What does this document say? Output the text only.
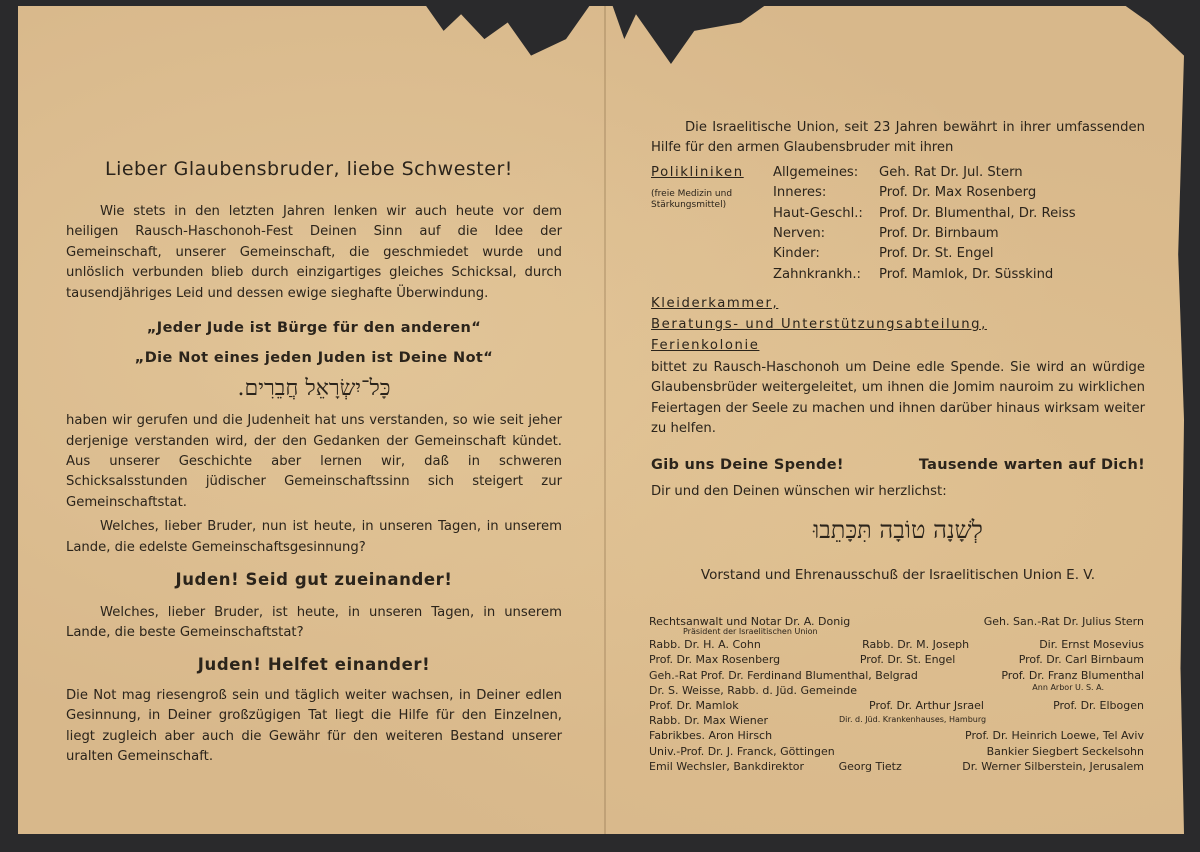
Lieber Glaubensbruder, liebe Schwester!

Wie stets in den letzten Jahren lenken wir auch heute vor dem heiligen Rausch-Haschonoh-Fest Deinen Sinn auf die Idee der Gemeinschaft, unserer Gemeinschaft, die geschmiedet wurde und unlöslich verbunden blieb durch einzigartiges gleiches Schicksal, durch tausendjähriges Leid und dessen ewige sieghafte Überwindung.

„Jeder Jude ist Bürge für den anderen“
„Die Not eines jeden Juden ist Deine Not“
כָּל־יִשְׂרָאֵל חֲבֵרִים.

haben wir gerufen und die Judenheit hat uns verstanden, so wie seit jeher derjenige verstanden wird, der den Gedanken der Gemeinschaft kündet. Aus unserer Geschichte aber lernen wir, daß in schweren Schicksalsstunden jüdischer Gemeinschaftssinn sich steigert zur Gemeinschaftstat.

Welches, lieber Bruder, nun ist heute, in unseren Tagen, in unserem Lande, die edelste Gemeinschaftsgesinnung?

Juden! Seid gut zueinander!

Welches, lieber Bruder, ist heute, in unseren Tagen, in unserem Lande, die beste Gemeinschaftstat?

Juden! Helfet einander!

Die Not mag riesengroß sein und täglich weiter wachsen, in Deiner edlen Gesinnung, in Deiner großzügigen Tat liegt die Hilfe für den Einzelnen, liegt zugleich aber auch die Gewähr für den weiteren Bestand unserer uralten Gemeinschaft.

Die Israelitische Union, seit 23 Jahren bewährt in ihrer umfassenden Hilfe für den armen Glaubensbruder mit ihren

Polikliniken
(freie Medizin und Stärkungsmittel)
Allgemeines:	Geh. Rat Dr. Jul. Stern
Inneres:	Prof. Dr. Max Rosenberg
Haut-Geschl.:	Prof. Dr. Blumenthal, Dr. Reiss
Nerven:	Prof. Dr. Birnbaum
Kinder:	Prof. Dr. St. Engel
Zahnkrankh.:	Prof. Mamlok, Dr. Süsskind
Kleiderkammer,
Beratungs- und Unterstützungsabteilung,
Ferienkolonie

bittet zu Rausch-Haschonoh um Deine edle Spende. Sie wird an würdige Glaubensbrüder weitergeleitet, um ihnen die Jomim nauroim zu wirklichen Feiertagen der Seele zu machen und ihnen darüber hinaus wirksam weiter zu helfen.

Gib uns Deine Spende!	Tausende warten auf Dich!
Dir und den Deinen wünschen wir herzlichst:
לְשָׁנָה טוֹבָה תִּכָּתֵבוּ
Vorstand und Ehrenausschuß der Israelitischen Union E. V.
Rechtsanwalt und Notar Dr. A. Donig	Geh. San.-Rat Dr. Julius Stern
Präsident der Israelitischen Union
Rabb. Dr. H. A. Cohn	Rabb. Dr. M. Joseph	Dir. Ernst Mosevius
Prof. Dr. Max Rosenberg	Prof. Dr. St. Engel	Prof. Dr. Carl Birnbaum
Geh.-Rat Prof. Dr. Ferdinand Blumenthal, Belgrad	Prof. Dr. Franz Blumenthal
Dr. S. Weisse, Rabb. d. Jüd. Gemeinde	Ann Arbor U. S. A.
Prof. Dr. Mamlok	Prof. Dr. Arthur Jsrael	Prof. Dr. Elbogen
Rabb. Dr. Max Wiener	Dir. d. Jüd. Krankenhauses, Hamburg
Fabrikbes. Aron Hirsch	Prof. Dr. Heinrich Loewe, Tel Aviv
Univ.-Prof. Dr. J. Franck, Göttingen	Bankier Siegbert Seckelsohn
Emil Wechsler, Bankdirektor	Georg Tietz	Dr. Werner Silberstein, Jerusalem
